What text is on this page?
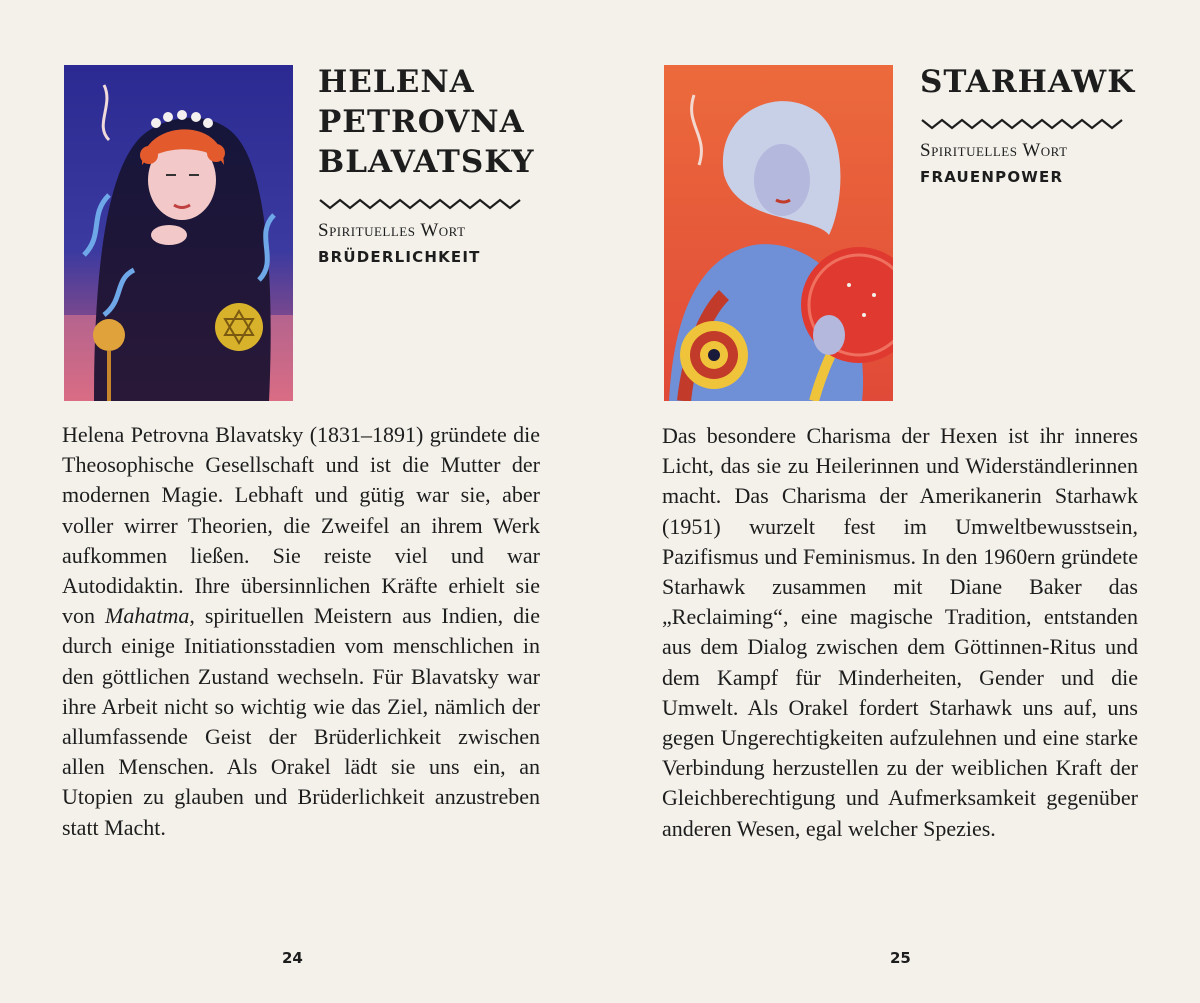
HELENA
PETROVNA
BLAVATSKY
Spirituelles Wort
BRÜDERLICHKEIT
Helena Petrovna Blavatsky (1831–1891) gründete die Theosophische Gesellschaft und ist die Mutter der modernen Magie. Lebhaft und gütig war sie, aber voller wirrer Theorien, die Zweifel an ihrem Werk aufkommen ließen. Sie reiste viel und war Autodidaktin. Ihre übersinnlichen Kräfte erhielt sie von Mahatma, spirituellen Meistern aus Indien, die durch einige Initiationsstadien vom menschlichen in den göttlichen Zustand wechseln. Für Blavatsky war ihre Arbeit nicht so wichtig wie das Ziel, nämlich der allumfassende Geist der Brüderlichkeit zwischen allen Menschen. Als Orakel lädt sie uns ein, an Utopien zu glauben und Brüderlichkeit anzustreben statt Macht.
24
STARHAWK
Spirituelles Wort
FRAUENPOWER
Das besondere Charisma der Hexen ist ihr inneres Licht, das sie zu Heilerinnen und Widerständlerinnen macht. Das Charisma der Amerikanerin Starhawk (1951) wurzelt fest im Umweltbewusstsein, Pazifismus und Feminismus. In den 1960ern gründete Starhawk zusammen mit Diane Baker das „Reclaiming“, eine magische Tradition, entstanden aus dem Dialog zwischen dem Göttinnen-Ritus und dem Kampf für Minderheiten, Gender und die Umwelt. Als Orakel fordert Starhawk uns auf, uns gegen Ungerechtigkeiten aufzulehnen und eine starke Verbindung herzustellen zu der weiblichen Kraft der Gleichberechtigung und Aufmerksamkeit gegenüber anderen Wesen, egal welcher Spezies.
25
